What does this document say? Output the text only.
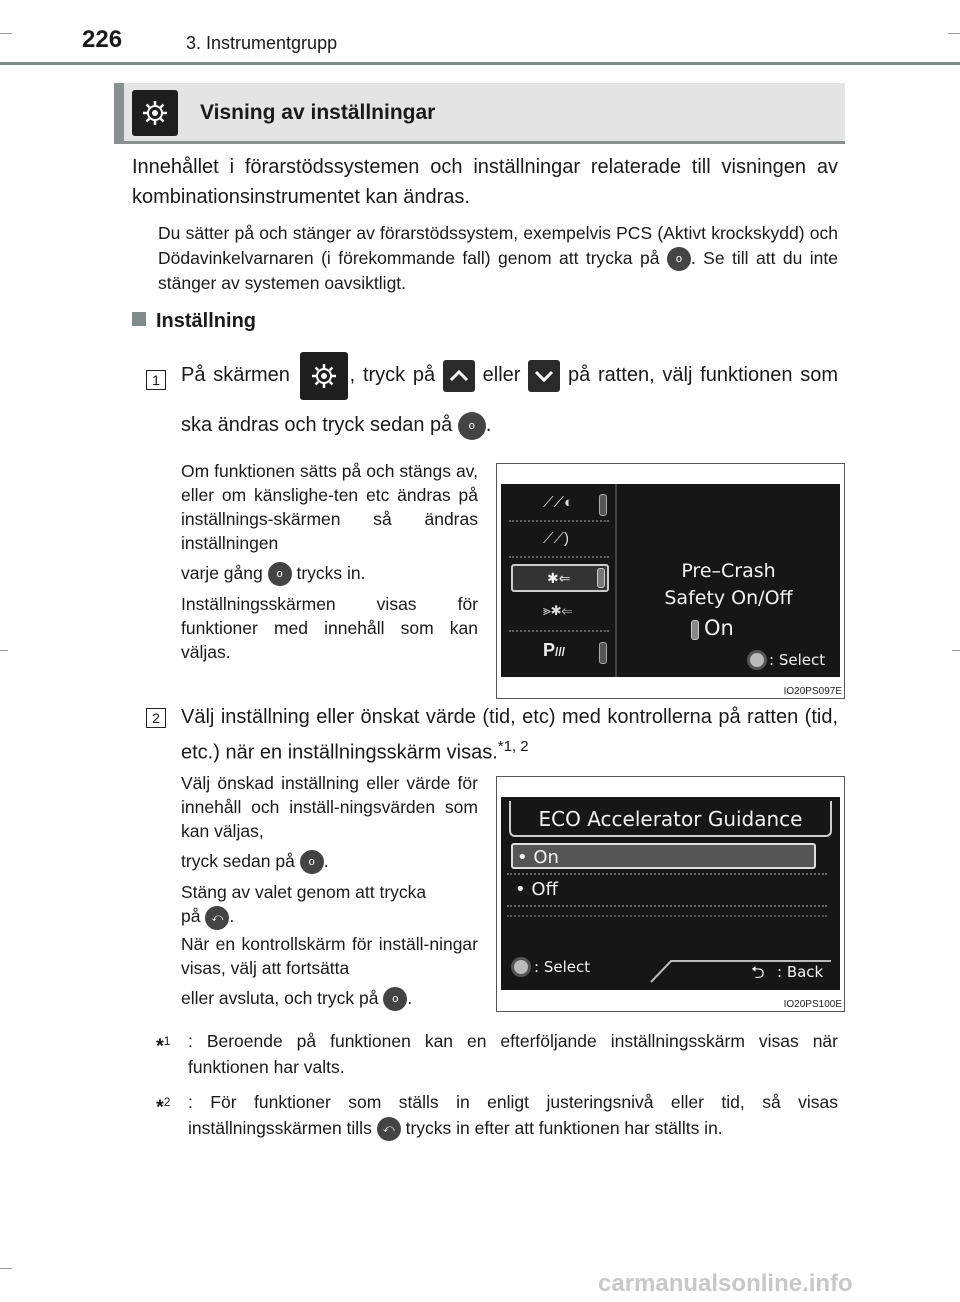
226	3. Instrumentgrupp
Visning av inställningar

Innehållet i förarstödssystemen och inställningar relaterade till visningen av kombinationsinstrumentet kan ändras.

Du sätter på och stänger av förarstödssystem, exempelvis PCS (Aktivt krockskydd) och Dödavinkelvarnaren (i förekommande fall) genom att trycka på o . Se till att du inte stänger av systemen oavsiktligt.

Inställning
1	På skärmen	, tryck på eller på ratten, välj funktionen som ska ändras och tryck sedan på o .

Om funktionen sätts på och stängs av, eller om känslighe-ten etc ändras på inställnings-skärmen så ändras inställningen

varje gång o trycks in.

Inställningsskärmen visas för funktioner med innehåll som kan väljas.

⟋⟋◐
⟋⟋)
✱⇐
⪢✱⇐
P///
Pre–Crash
Safety On/Off
On
: Select
IO20PS097E
2	Välj inställning eller önskat värde (tid, etc) med kontrollerna på ratten (tid, etc.) när en inställningsskärm visas.$^{*1, 2}$

Välj önskad inställning eller värde för innehåll och inställ-ningsvärden som kan väljas,

tryck sedan på o .

Stäng av valet genom att trycka

på ⤺ .

När en kontrollskärm för inställ-ningar visas, välj att fortsätta

eller avsluta, och tryck på o .

ECO Accelerator Guidance
• On
• Off
: Select	⮌ : Back
IO20PS100E
*$^1$	: Beroende på funktionen kan en efterföljande inställningsskärm visas när funktionen har valts.
*$^2$	: För funktioner som ställs in enligt justeringsnivå eller tid, så visas inställningsskärmen tills ⤺ trycks in efter att funktionen har ställts in.
carmanualsonline.info
